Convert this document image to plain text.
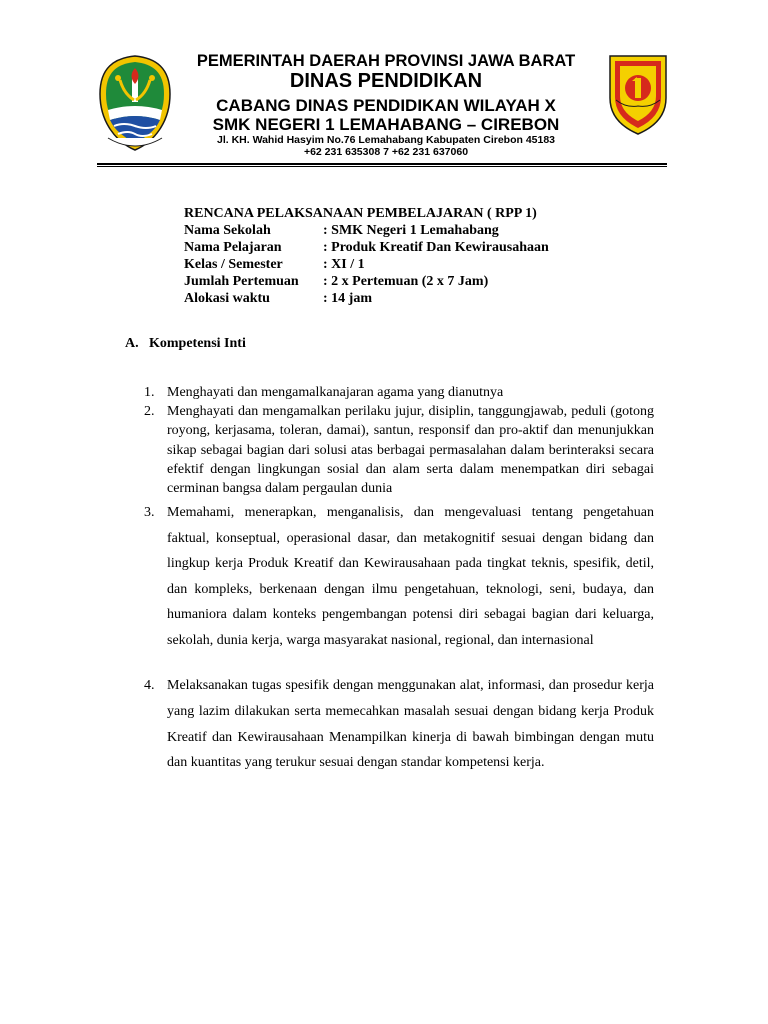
PEMERINTAH DAERAH PROVINSI JAWA BARAT
DINAS PENDIDIKAN
CABANG DINAS PENDIDIKAN WILAYAH X
SMK NEGERI 1 LEMAHABANG – CIREBON
Jl. KH. Wahid Hasyim No.76 Lemahabang Kabupaten Cirebon 45183
+62 231 635308 7 +62 231 637060
RENCANA PELAKSANAAN PEMBELAJARAN ( RPP 1)
Nama Sekolah	: SMK Negeri 1 Lemahabang
Nama Pelajaran	: Produk Kreatif Dan Kewirausahaan
Kelas / Semester	: XI / 1
Jumlah Pertemuan : 2 x Pertemuan (2 x 7 Jam)
Alokasi waktu	: 14 jam
A. Kompetensi Inti
1. Menghayati dan mengamalkanajaran agama yang dianutnya
2. Menghayati dan mengamalkan perilaku jujur, disiplin, tanggungjawab, peduli (gotong royong, kerjasama, toleran, damai), santun, responsif dan pro-aktif dan menunjukkan sikap sebagai bagian dari solusi atas berbagai permasalahan dalam berinteraksi secara efektif dengan lingkungan sosial dan alam serta dalam menempatkan diri sebagai cerminan bangsa dalam pergaulan dunia
3. Memahami, menerapkan, menganalisis, dan mengevaluasi tentang pengetahuan faktual, konseptual, operasional dasar, dan metakognitif sesuai dengan bidang dan lingkup kerja Produk Kreatif dan Kewirausahaan pada tingkat teknis, spesifik, detil, dan kompleks, berkenaan dengan ilmu pengetahuan, teknologi, seni, budaya, dan humaniora dalam konteks pengembangan potensi diri sebagai bagian dari keluarga, sekolah, dunia kerja, warga masyarakat nasional, regional, dan internasional
4. Melaksanakan tugas spesifik dengan menggunakan alat, informasi, dan prosedur kerja yang lazim dilakukan serta memecahkan masalah sesuai dengan bidang kerja Produk Kreatif dan Kewirausahaan Menampilkan kinerja di bawah bimbingan dengan mutu dan kuantitas yang terukur sesuai dengan standar kompetensi kerja.
